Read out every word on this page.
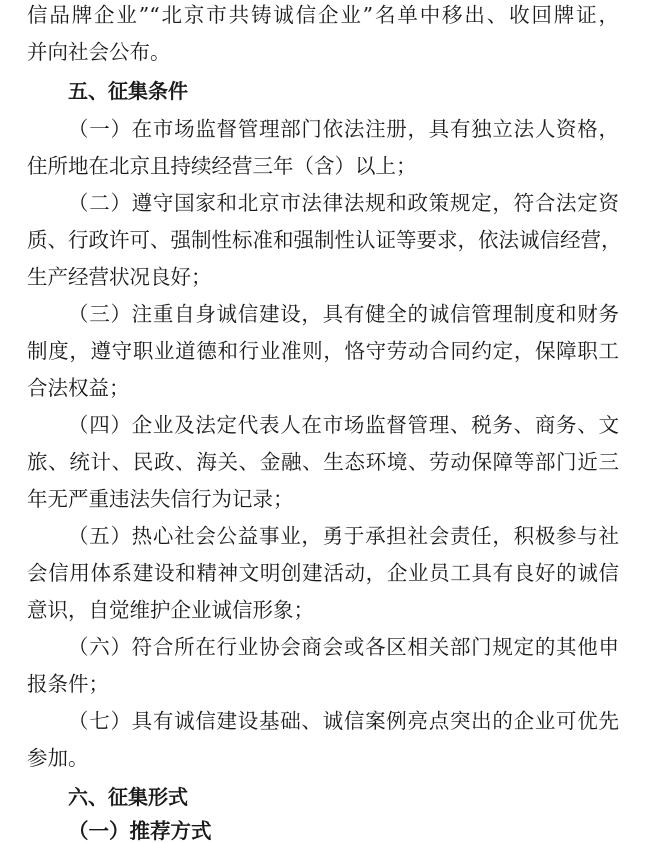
信品牌企业”“北京市共铸诚信企业”名单中移出、收回牌证，
并向社会公布。
五、征集条件
（一）在市场监督管理部门依法注册，具有独立法人资格，
住所地在北京且持续经营三年（含）以上；
（二）遵守国家和北京市法律法规和政策规定，符合法定资
质、行政许可、强制性标准和强制性认证等要求，依法诚信经营，
生产经营状况良好；
（三）注重自身诚信建设，具有健全的诚信管理制度和财务
制度，遵守职业道德和行业准则，恪守劳动合同约定，保障职工
合法权益；
（四）企业及法定代表人在市场监督管理、税务、商务、文
旅、统计、民政、海关、金融、生态环境、劳动保障等部门近三
年无严重违法失信行为记录；
（五）热心社会公益事业，勇于承担社会责任，积极参与社
会信用体系建设和精神文明创建活动，企业员工具有良好的诚信
意识，自觉维护企业诚信形象；
（六）符合所在行业协会商会或各区相关部门规定的其他申
报条件；
（七）具有诚信建设基础、诚信案例亮点突出的企业可优先
参加。
六、征集形式
（一）推荐方式
